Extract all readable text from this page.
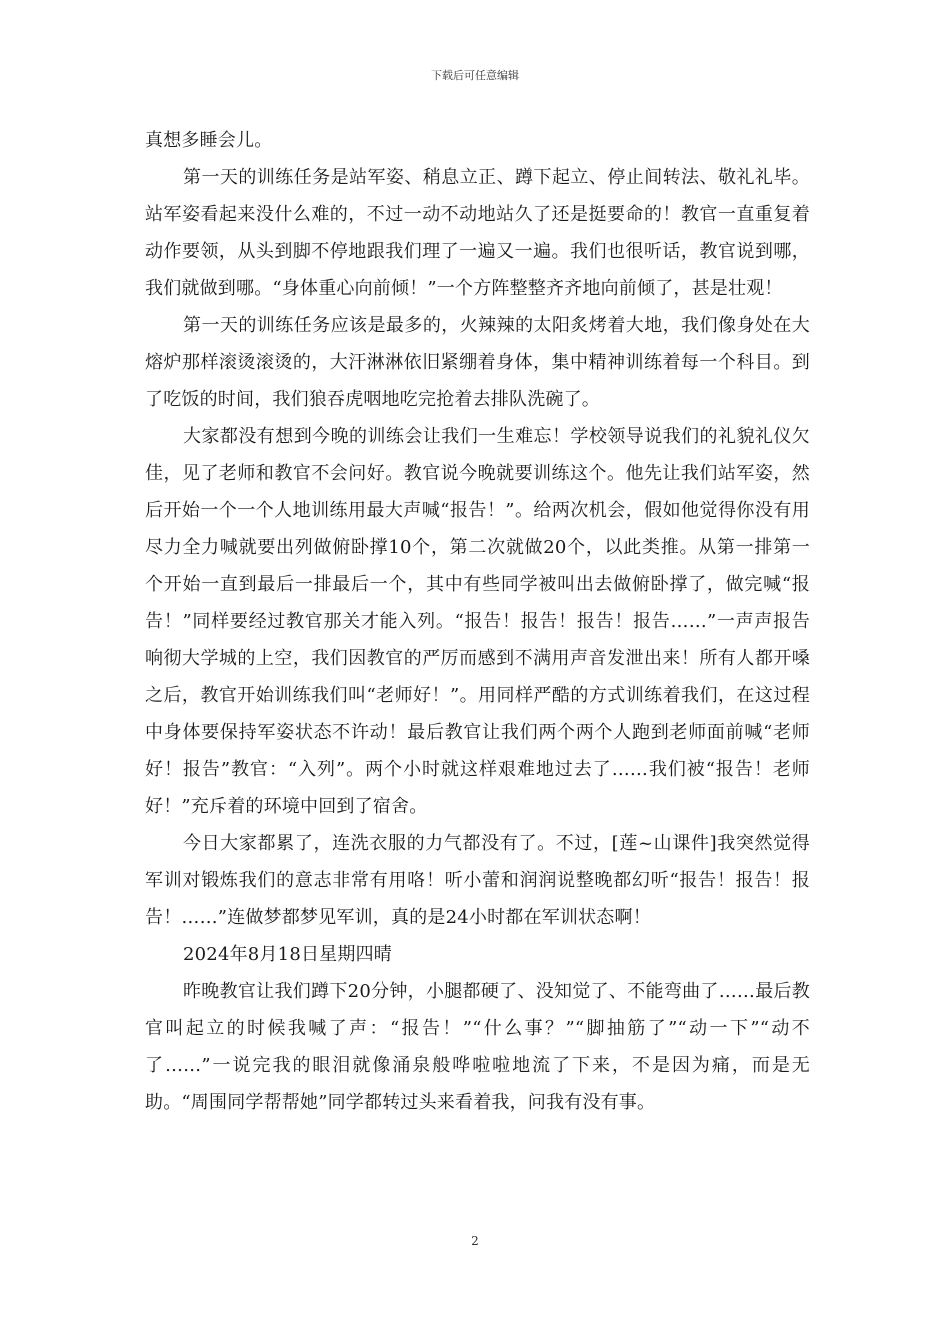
下载后可任意编辑

真想多睡会儿。

第一天的训练任务是站军姿、稍息立正、蹲下起立、停止间转法、敬礼礼毕。站军姿看起来没什么难的，不过一动不动地站久了还是挺要命的！教官一直重复着动作要领，从头到脚不停地跟我们理了一遍又一遍。我们也很听话，教官说到哪，我们就做到哪。“身体重心向前倾！”一个方阵整整齐齐地向前倾了，甚是壮观！

第一天的训练任务应该是最多的，火辣辣的太阳炙烤着大地，我们像身处在大熔炉那样滚烫滚烫的，大汗淋淋依旧紧绷着身体，集中精神训练着每一个科目。到了吃饭的时间，我们狼吞虎咽地吃完抢着去排队洗碗了。

大家都没有想到今晚的训练会让我们一生难忘！学校领导说我们的礼貌礼仪欠佳，见了老师和教官不会问好。教官说今晚就要训练这个。他先让我们站军姿，然后开始一个一个人地训练用最大声喊“报告！”。给两次机会，假如他觉得你没有用尽力全力喊就要出列做俯卧撑10个，第二次就做20个，以此类推。从第一排第一个开始一直到最后一排最后一个，其中有些同学被叫出去做俯卧撑了，做完喊“报告！”同样要经过教官那关才能入列。“报告！报告！报告！报告……”一声声报告响彻大学城的上空，我们因教官的严厉而感到不满用声音发泄出来！所有人都开嗓之后，教官开始训练我们叫“老师好！”。用同样严酷的方式训练着我们，在这过程中身体要保持军姿状态不许动！最后教官让我们两个两个人跑到老师面前喊“老师好！报告”教官：“入列”。两个小时就这样艰难地过去了……我们被“报告！老师好！”充斥着的环境中回到了宿舍。

今日大家都累了，连洗衣服的力气都没有了。不过，[莲~山课件]我突然觉得军训对锻炼我们的意志非常有用咯！听小蕾和润润说整晚都幻听“报告！报告！报告！……”连做梦都梦见军训，真的是24小时都在军训状态啊！

2024年8月18日星期四晴

昨晚教官让我们蹲下20分钟，小腿都硬了、没知觉了、不能弯曲了……最后教官叫起立的时候我喊了声：“报告！”“什么事？”“脚抽筋了”“动一下”“动不了……”一说完我的眼泪就像涌泉般哗啦啦地流了下来，不是因为痛，而是无助。“周围同学帮帮她”同学都转过头来看着我，问我有没有事。

2
